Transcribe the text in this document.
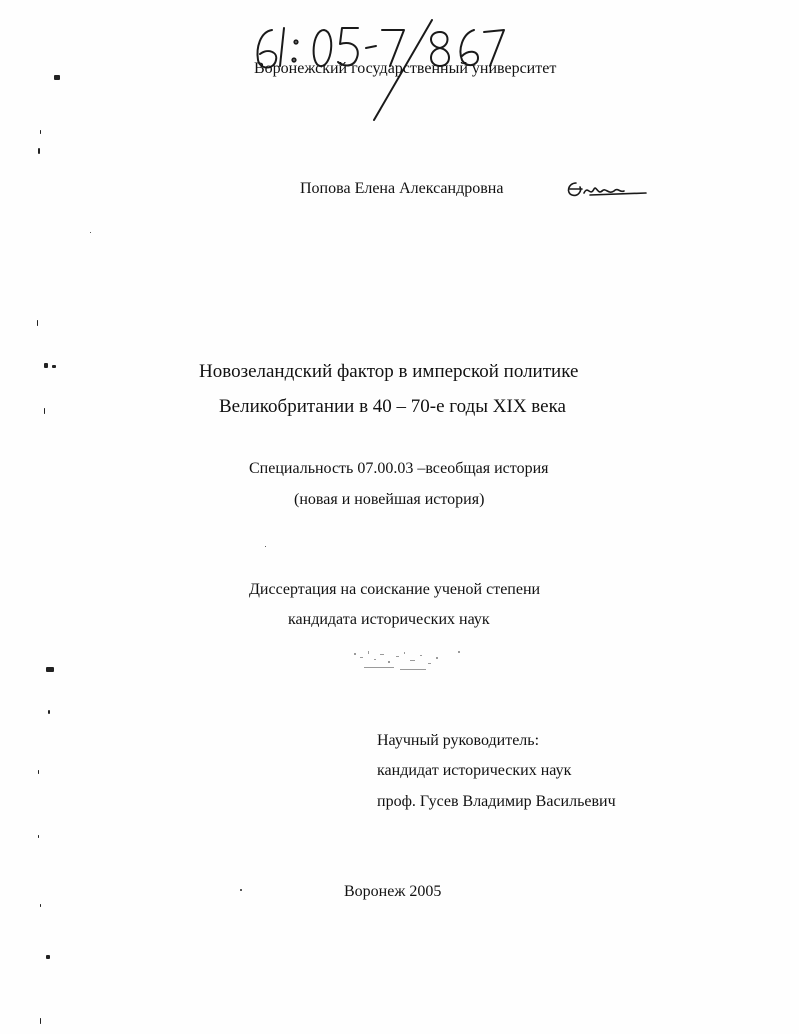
Воронежский государственный университет
Попова Елена Александровна
Новозеландский фактор в имперской политике
Великобритании в 40 – 70-е годы XIX века
Специальность 07.00.03 –всеобщая история
(новая и новейшая история)
Диссертация на соискание ученой степени
кандидата исторических наук
Научный руководитель:
кандидат исторических наук
проф. Гусев Владимир Васильевич
Воронеж 2005
